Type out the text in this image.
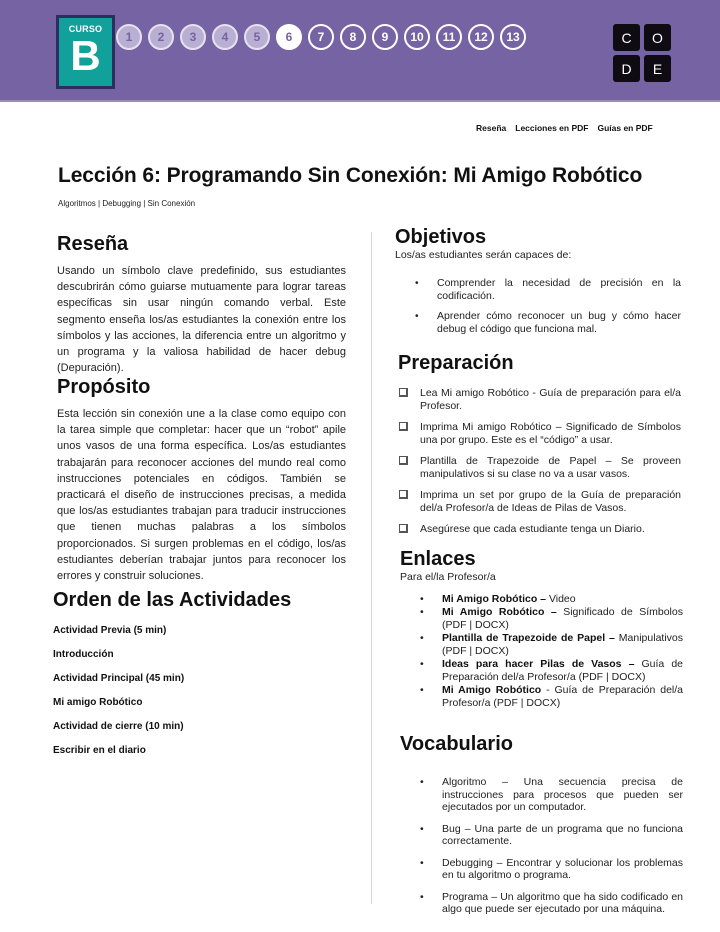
CURSO
B	1	2	3	4	5	6	7	8	9	10	11	12	13	C	O
D	E
Reseña Lecciones en PDF Guías en PDF
Lección 6: Programando Sin Conexión: Mi Amigo Robótico
Algoritmos | Debugging | Sin Conexión
Reseña

Usando un símbolo clave predefinido, sus estudiantes descubrirán cómo guiarse mutuamente para lograr tareas específicas sin usar ningún comando verbal. Este segmento enseña los/as estudiantes la conexión entre los símbolos y las acciones, la diferencia entre un algoritmo y un programa y la valiosa habilidad de hacer debug (Depuración).

Propósito

Esta lección sin conexión une a la clase como equipo con la tarea simple que completar: hacer que un “robot” apile unos vasos de una forma específica. Los/as estudiantes trabajarán para reconocer acciones del mundo real como instrucciones potenciales en códigos. También se practicará el diseño de instrucciones precisas, a medida que los/as estudiantes trabajan para traducir instrucciones que tienen muchas palabras a los símbolos proporcionados. Si surgen problemas en el código, los/as estudiantes deberían trabajar juntos para reconocer los errores y construir soluciones.

Orden de las Actividades
Actividad Previa (5 min)
Introducción
Actividad Principal (45 min)
Mi amigo Robótico
Actividad de cierre (10 min)
Escribir en el diario
Objetivos
Los/as estudiantes serán capaces de:
• Comprender la necesidad de precisión en la codificación.
• Aprender cómo reconocer un bug y cómo hacer debug el código que funciona mal.
Preparación
Lea Mi amigo Robótico - Guía de preparación para el/a Profesor.
Imprima Mi amigo Robótico – Significado de Símbolos una por grupo. Este es el “código” a usar.
Plantilla de Trapezoide de Papel – Se proveen manipulativos si su clase no va a usar vasos.
Imprima un set por grupo de la Guía de preparación del/a Profesor/a de Ideas de Pilas de Vasos.
Asegúrese que cada estudiante tenga un Diario.
Enlaces
Para el/la Profesor/a
• Mi Amigo Robótico – Video
• Mi Amigo Robótico – Significado de Símbolos (PDF | DOCX)
• Plantilla de Trapezoide de Papel – Manipulativos (PDF | DOCX)
• Ideas para hacer Pilas de Vasos – Guía de Preparación del/a Profesor/a (PDF | DOCX)
• Mi Amigo Robótico - Guía de Preparación del/a Profesor/a (PDF | DOCX)
Vocabulario
• Algoritmo – Una secuencia precisa de instrucciones para procesos que pueden ser ejecutados por un computador.
• Bug – Una parte de un programa que no funciona correctamente.
• Debugging – Encontrar y solucionar los problemas en tu algoritmo o programa.
• Programa – Un algoritmo que ha sido codificado en algo que puede ser ejecutado por una máquina.
